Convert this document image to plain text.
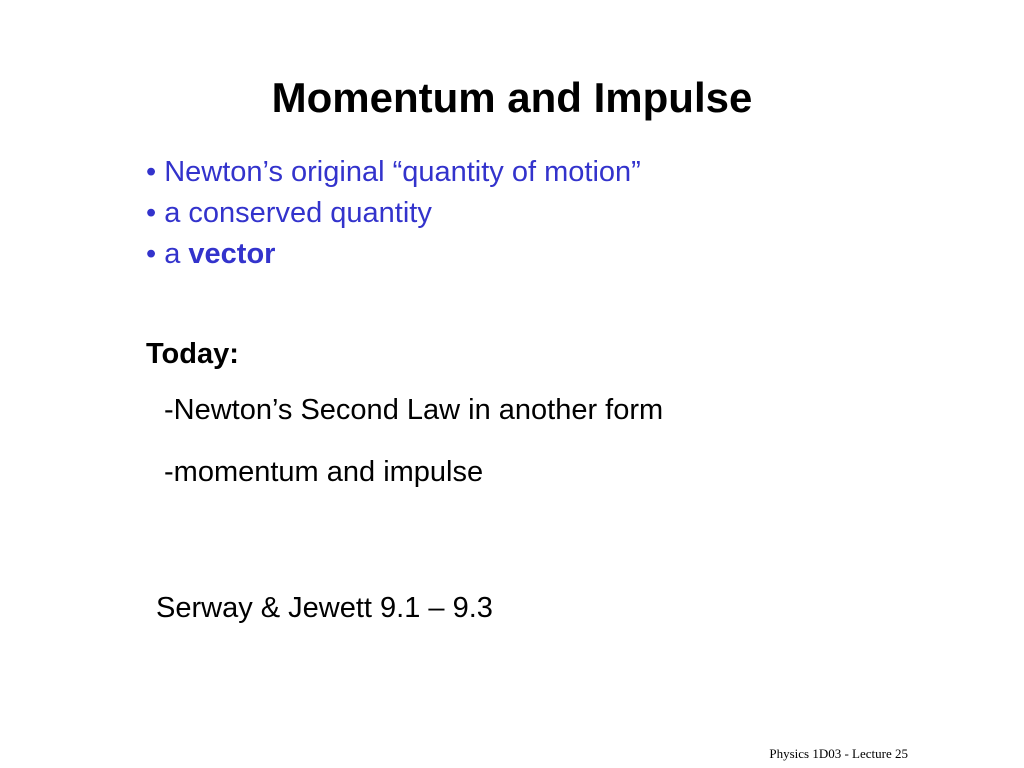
Momentum and Impulse
• Newton’s original “quantity of motion”
• a conserved quantity
• a vector
Today:
-Newton’s Second Law in another form
-momentum and impulse
Serway & Jewett 9.1 – 9.3
Physics 1D03 - Lecture 25
